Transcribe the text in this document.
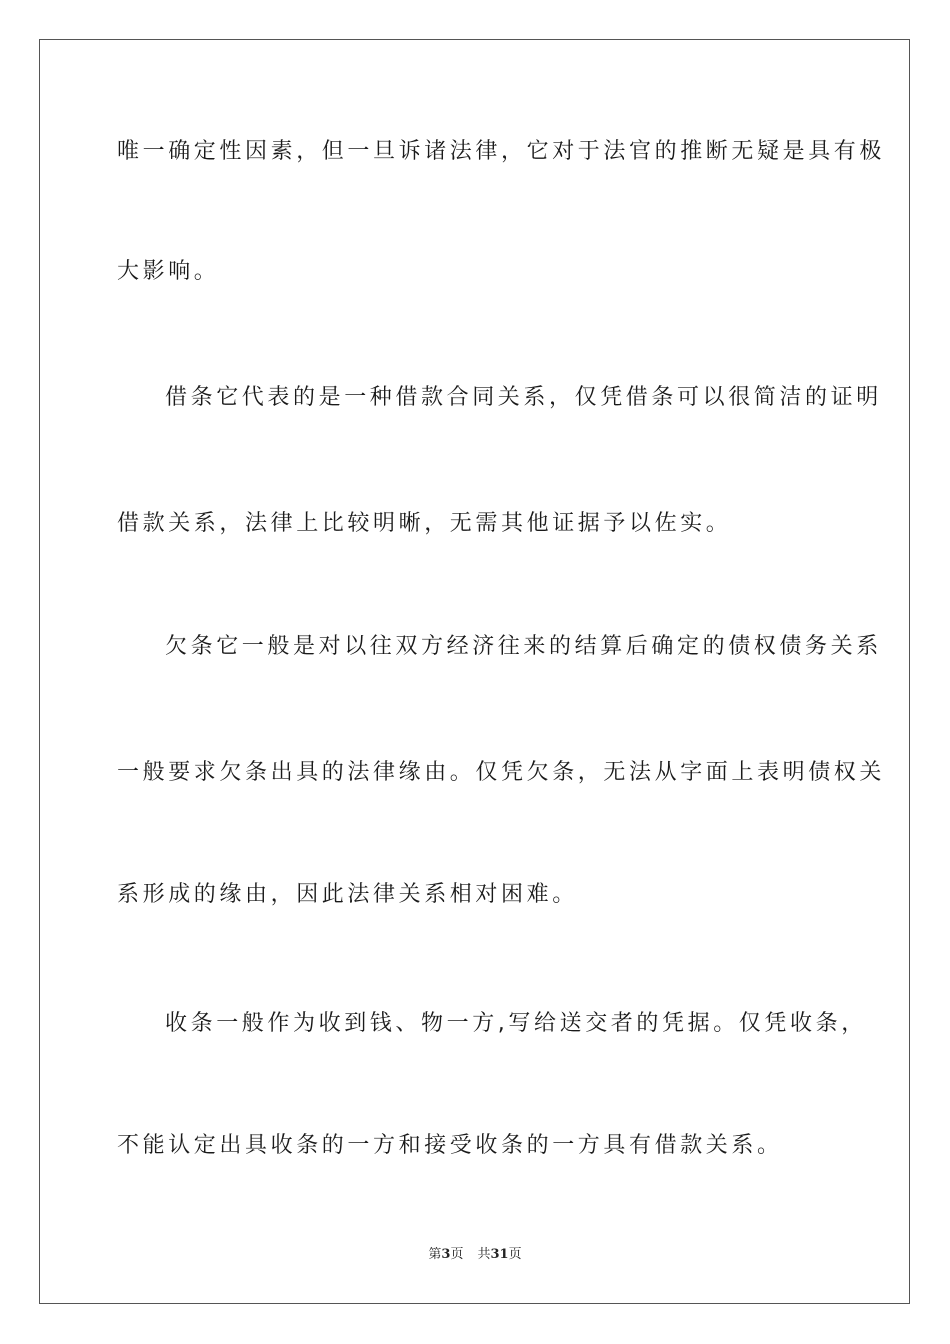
唯一确定性因素，但一旦诉诸法律，它对于法官的推断无疑是具有极
大影响。
借条它代表的是一种借款合同关系，仅凭借条可以很简洁的证明
借款关系，法律上比较明晰，无需其他证据予以佐实。
欠条它一般是对以往双方经济往来的结算后确定的债权债务关系
一般要求欠条出具的法律缘由。仅凭欠条，无法从字面上表明债权关
系形成的缘由，因此法律关系相对困难。
收条一般作为收到钱、物一方,写给送交者的凭据。仅凭收条，
不能认定出具收条的一方和接受收条的一方具有借款关系。
第3页 共31页
